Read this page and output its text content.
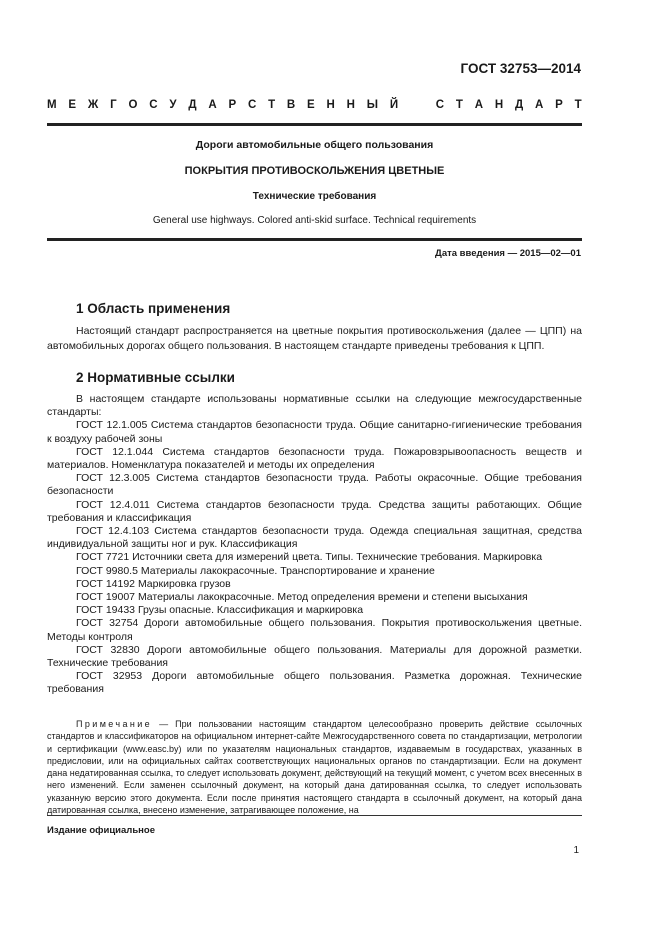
ГОСТ 32753—2014
М Е Ж Г О С У Д А Р С Т В Е Н Н Ы Й	С Т А Н Д А Р Т
Дороги автомобильные общего пользования
ПОКРЫТИЯ ПРОТИВОСКОЛЬЖЕНИЯ ЦВЕТНЫЕ
Технические требования
General use highways. Colored anti-skid surface. Technical requirements
Дата введения — 2015—02—01
1 Область применения

Настоящий стандарт распространяется на цветные покрытия противоскольжения (далее — ЦПП) на автомобильных дорогах общего пользования. В настоящем стандарте приведены требования к ЦПП.

2 Нормативные ссылки

В настоящем стандарте использованы нормативные ссылки на следующие межгосударственные стандарты:

ГОСТ 12.1.005 Система стандартов безопасности труда. Общие санитарно-гигиенические требования к воздуху рабочей зоны

ГОСТ 12.1.044 Система стандартов безопасности труда. Пожаровзрывоопасность веществ и материалов. Номенклатура показателей и методы их определения

ГОСТ 12.3.005 Система стандартов безопасности труда. Работы окрасочные. Общие требования безопасности

ГОСТ 12.4.011 Система стандартов безопасности труда. Средства защиты работающих. Общие требования и классификация

ГОСТ 12.4.103 Система стандартов безопасности труда. Одежда специальная защитная, средства индивидуальной защиты ног и рук. Классификация

ГОСТ 7721 Источники света для измерений цвета. Типы. Технические требования. Маркировка

ГОСТ 9980.5 Материалы лакокрасочные. Транспортирование и хранение

ГОСТ 14192 Маркировка грузов

ГОСТ 19007 Материалы лакокрасочные. Метод определения времени и степени высыхания

ГОСТ 19433 Грузы опасные. Классификация и маркировка

ГОСТ 32754 Дороги автомобильные общего пользования. Покрытия противоскольжения цветные. Методы контроля

ГОСТ 32830 Дороги автомобильные общего пользования. Материалы для дорожной разметки. Технические требования

ГОСТ 32953 Дороги автомобильные общего пользования. Разметка дорожная. Технические требования

Примечание — При пользовании настоящим стандартом целесообразно проверить действие ссылочных стандартов и классификаторов на официальном интернет-сайте Межгосударственного совета по стандартизации, метрологии и сертификации (www.easc.by) или по указателям национальных стандартов, издаваемым в государствах, указанных в предисловии, или на официальных сайтах соответствующих национальных органов по стандартизации. Если на документ дана недатированная ссылка, то следует использовать документ, действующий на текущий момент, с учетом всех внесенных в него изменений. Если заменен ссылочный документ, на который дана датированная ссылка, то следует использовать указанную версию этого документа. Если после принятия настоящего стандарта в ссылочный документ, на который дана датированная ссылка, внесено изменение, затрагивающее положение, на

Издание официальное
1
